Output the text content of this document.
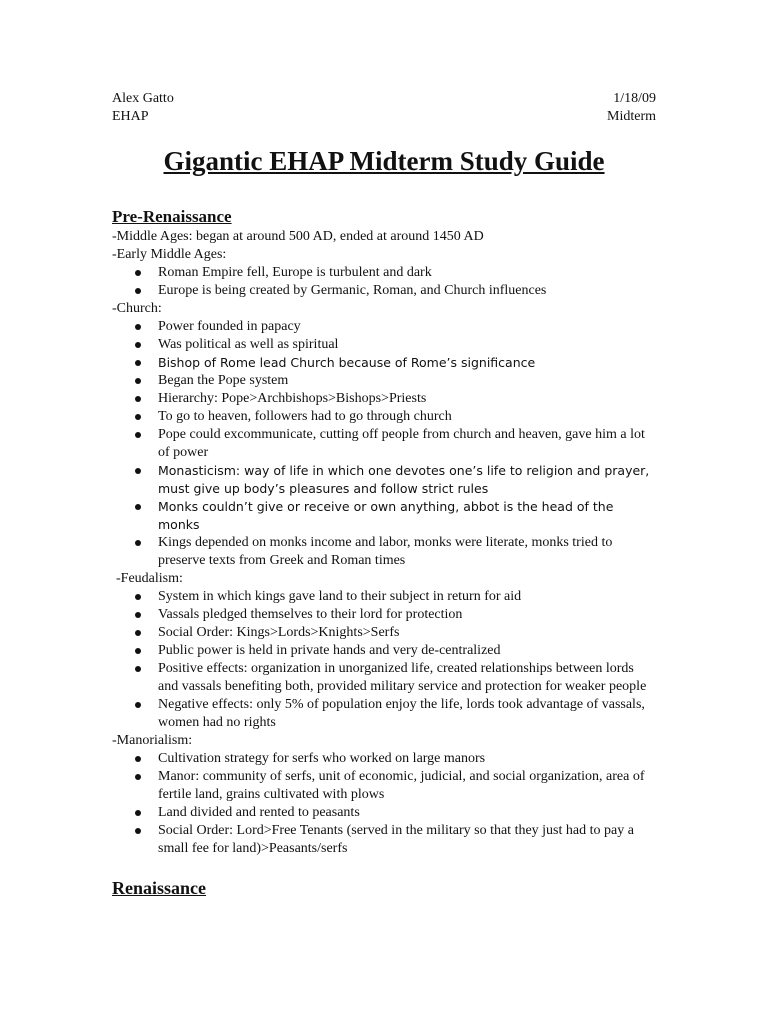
Alex Gatto	1/18/09
EHAP	Midterm
Gigantic EHAP Midterm Study Guide
Pre-Renaissance
-Middle Ages: began at around 500 AD, ended at around 1450 AD
-Early Middle Ages:
Roman Empire fell, Europe is turbulent and dark
Europe is being created by Germanic, Roman, and Church influences
-Church:
Power founded in papacy
Was political as well as spiritual
Bishop of Rome lead Church because of Rome’s significance
Began the Pope system
Hierarchy: Pope>Archbishops>Bishops>Priests
To go to heaven, followers had to go through church
Pope could excommunicate, cutting off people from church and heaven, gave him a lot of power
Monasticism: way of life in which one devotes one’s life to religion and prayer, must give up body’s pleasures and follow strict rules
Monks couldn’t give or receive or own anything, abbot is the head of the monks
Kings depended on monks income and labor, monks were literate, monks tried to preserve texts from Greek and Roman times
-Feudalism:
System in which kings gave land to their subject in return for aid
Vassals pledged themselves to their lord for protection
Social Order: Kings>Lords>Knights>Serfs
Public power is held in private hands and very de-centralized
Positive effects: organization in unorganized life, created relationships between lords and vassals benefiting both, provided military service and protection for weaker people
Negative effects: only 5% of population enjoy the life, lords took advantage of vassals, women had no rights
-Manorialism:
Cultivation strategy for serfs who worked on large manors
Manor: community of serfs, unit of economic, judicial, and social organization, area of fertile land, grains cultivated with plows
Land divided and rented to peasants
Social Order: Lord>Free Tenants (served in the military so that they just had to pay a small fee for land)>Peasants/serfs
Renaissance
